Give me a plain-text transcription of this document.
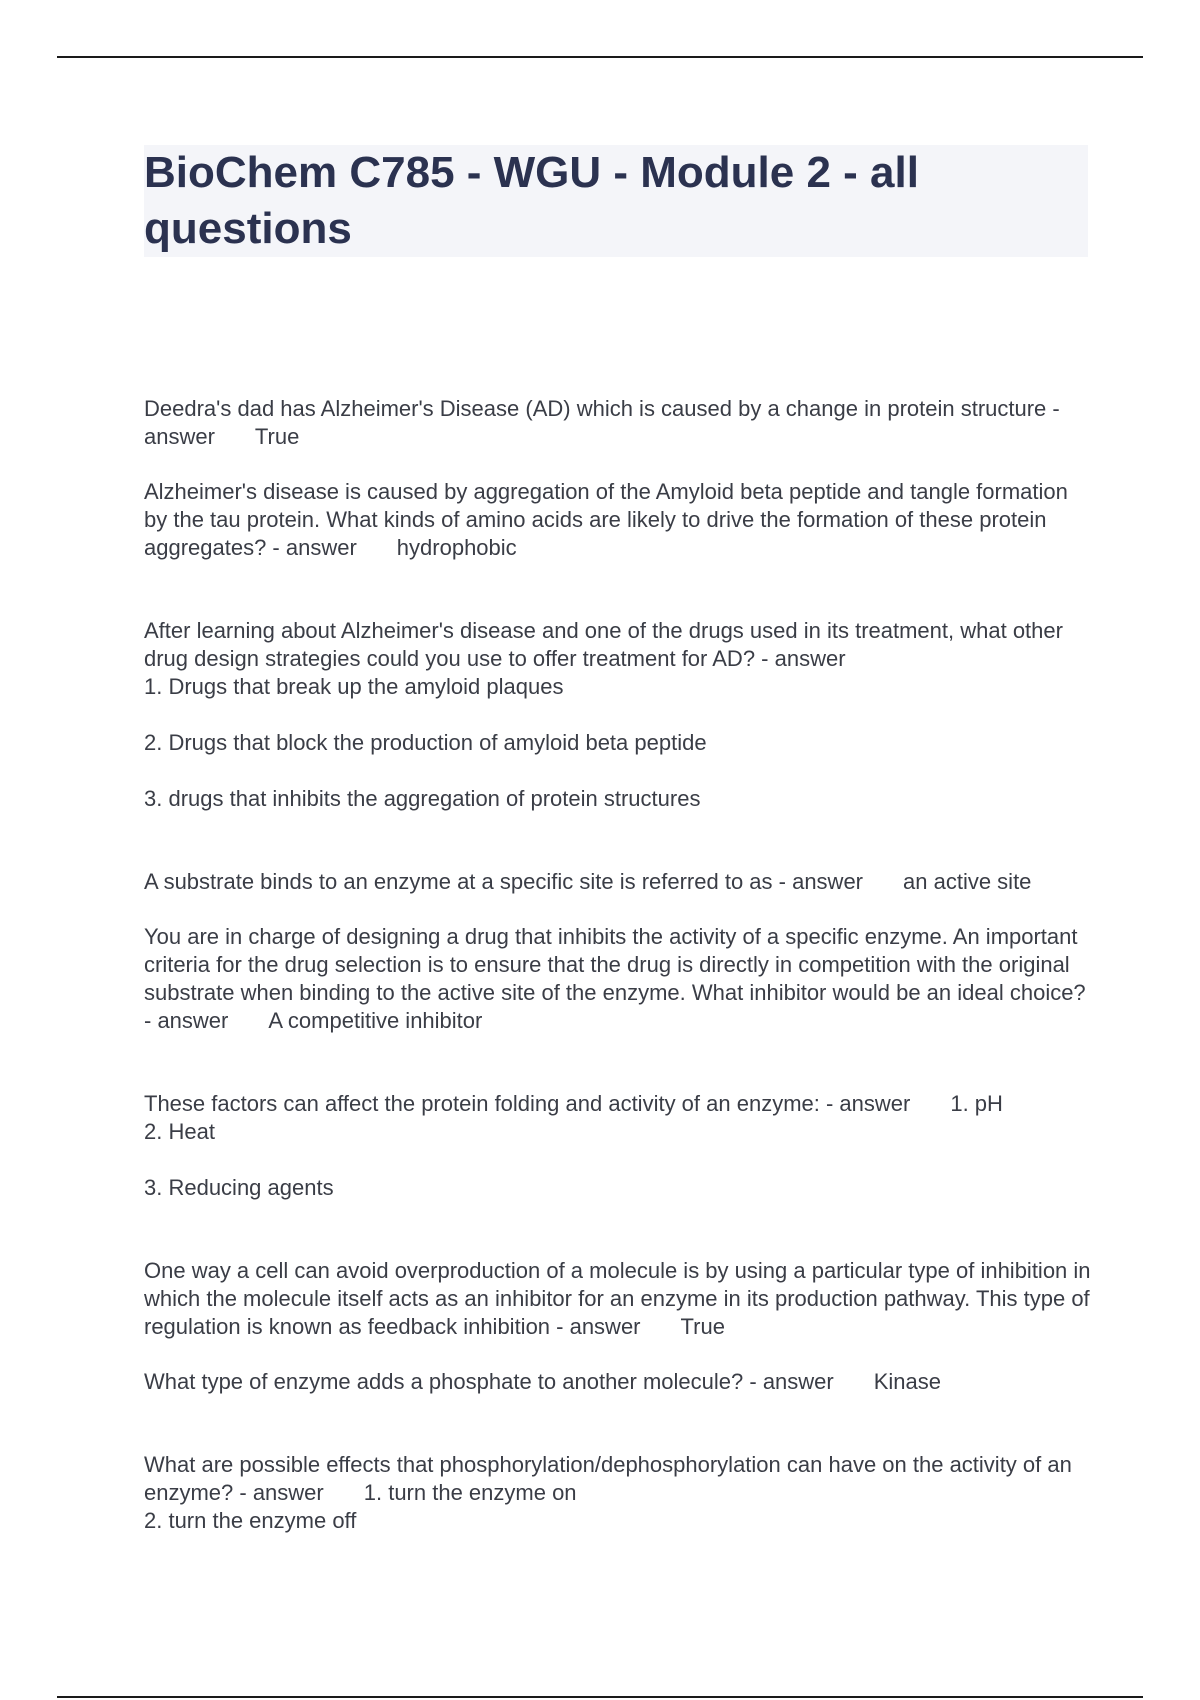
BioChem C785 - WGU - Module 2 - all questions

Deedra's dad has Alzheimer's Disease (AD) which is caused by a change in protein structure - answer True

Alzheimer's disease is caused by aggregation of the Amyloid beta peptide and tangle formation by the tau protein. What kinds of amino acids are likely to drive the formation of these protein aggregates? - answer hydrophobic

After learning about Alzheimer's disease and one of the drugs used in its treatment, what other drug design strategies could you use to offer treatment for AD? - answer

1. Drugs that break up the amyloid plaques

2. Drugs that block the production of amyloid beta peptide

3. drugs that inhibits the aggregation of protein structures

A substrate binds to an enzyme at a specific site is referred to as - answer an active site

You are in charge of designing a drug that inhibits the activity of a specific enzyme. An important criteria for the drug selection is to ensure that the drug is directly in competition with the original substrate when binding to the active site of the enzyme. What inhibitor would be an ideal choice? - answer A competitive inhibitor

These factors can affect the protein folding and activity of an enzyme: - answer 1. pH

2. Heat

3. Reducing agents

One way a cell can avoid overproduction of a molecule is by using a particular type of inhibition in which the molecule itself acts as an inhibitor for an enzyme in its production pathway. This type of regulation is known as feedback inhibition - answer True

What type of enzyme adds a phosphate to another molecule? - answer Kinase

What are possible effects that phosphorylation/dephosphorylation can have on the activity of an enzyme? - answer 1. turn the enzyme on

2. turn the enzyme off
